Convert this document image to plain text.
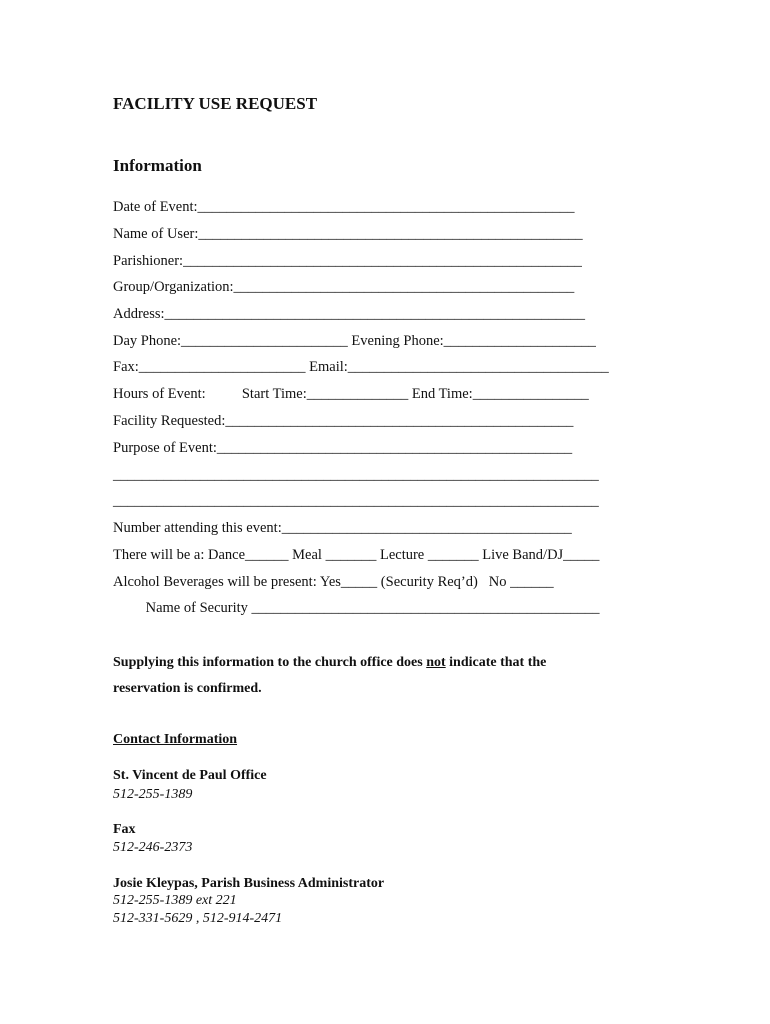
FACILITY USE REQUEST
Information
Date of Event:____________________________________________________
Name of User:_____________________________________________________
Parishioner:_______________________________________________________
Group/Organization:_______________________________________________
Address:__________________________________________________________
Day Phone:_______________________ Evening Phone:_____________________
Fax:_______________________ Email:____________________________________
Hours of Event:          Start Time:______________ End Time:________________
Facility Requested:________________________________________________
Purpose of Event:_________________________________________________
___________________________________________________________________
___________________________________________________________________
Number attending this event:________________________________________
There will be a: Dance______ Meal _______ Lecture _______ Live Band/DJ_____
Alcohol Beverages will be present: Yes_____ (Security Req’d)   No ______
Name of Security ________________________________________________
Supplying this information to the church office does not indicate that the reservation is confirmed.
Contact Information
St. Vincent de Paul Office
512-255-1389
Fax
512-246-2373
Josie Kleypas, Parish Business Administrator
512-255-1389 ext 221
512-331-5629 , 512-914-2471
